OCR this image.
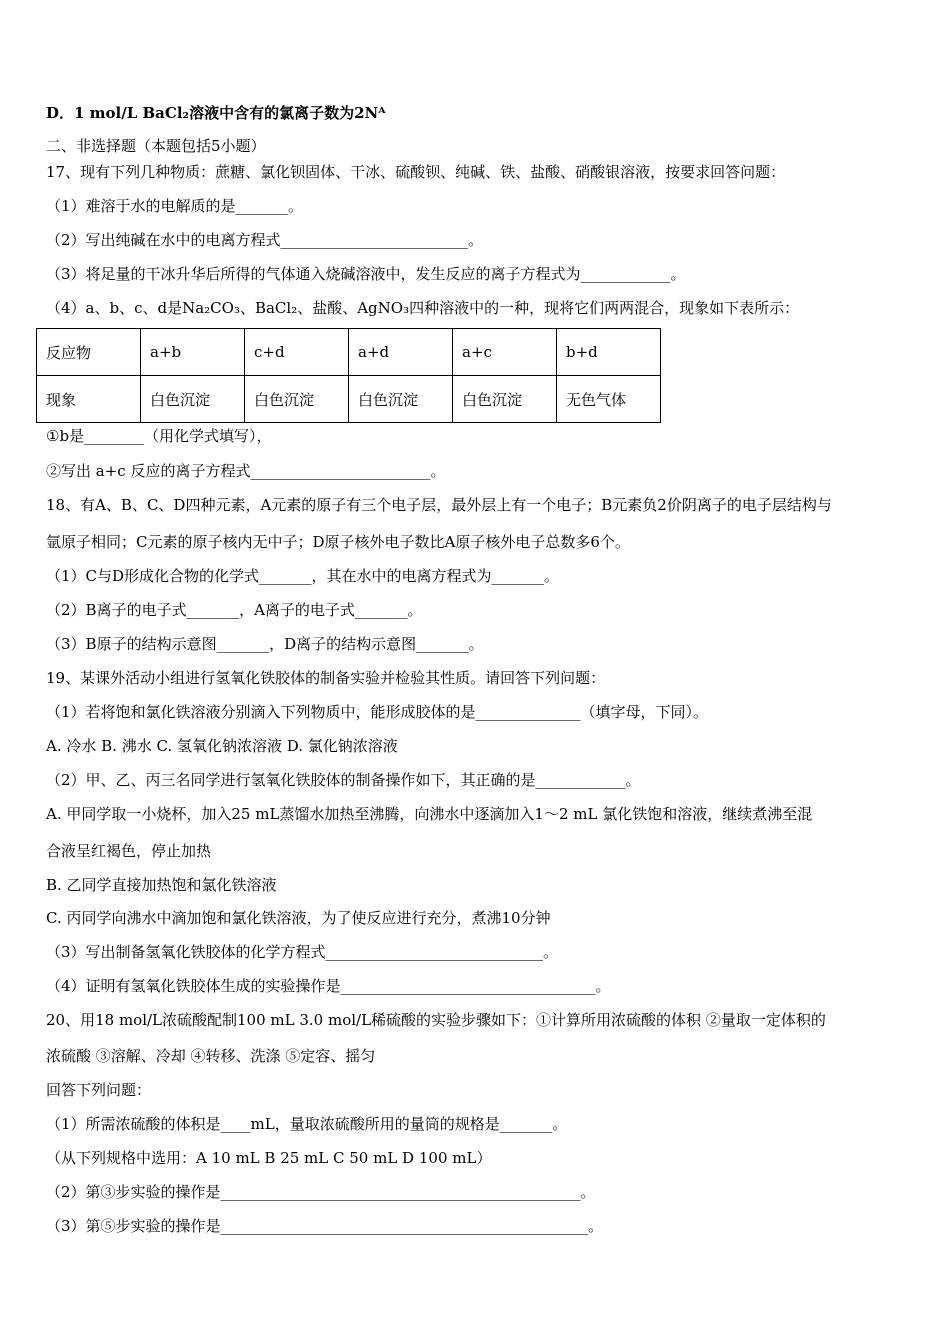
D．1 mol/L BaCl₂溶液中含有的氯离子数为2Nᴬ
二、非选择题（本题包括5小题）
17、现有下列几种物质：蔗糖、氯化钡固体、干冰、硫酸钡、纯碱、铁、盐酸、硝酸银溶液，按要求回答问题：
（1）难溶于水的电解质的是_______。
（2）写出纯碱在水中的电离方程式_________________________。
（3）将足量的干冰升华后所得的气体通入烧碱溶液中，发生反应的离子方程式为____________。
（4）a、b、c、d是Na₂CO₃、BaCl₂、盐酸、AgNO₃四种溶液中的一种，现将它们两两混合，现象如下表所示：
反应物	a+b	c+d	a+d	a+c	b+d
现象	白色沉淀	白色沉淀	白色沉淀	白色沉淀	无色气体
①b是________（用化学式填写），
②写出 a+c 反应的离子方程式________________________。
18、有A、B、C、D四种元素，A元素的原子有三个电子层，最外层上有一个电子；B元素负2价阴离子的电子层结构与
氩原子相同；C元素的原子核内无中子；D原子核外电子数比A原子核外电子总数多6个。
（1）C与D形成化合物的化学式_______，其在水中的电离方程式为_______。
（2）B离子的电子式_______，A离子的电子式_______。
（3）B原子的结构示意图_______，D离子的结构示意图_______。
19、某课外活动小组进行氢氧化铁胶体的制备实验并检验其性质。请回答下列问题：
（1）若将饱和氯化铁溶液分别滴入下列物质中，能形成胶体的是______________（填字母，下同）。
A. 冷水 B. 沸水 C. 氢氧化钠浓溶液 D. 氯化钠浓溶液
（2）甲、乙、丙三名同学进行氢氧化铁胶体的制备操作如下，其正确的是____________。
A. 甲同学取一小烧杯，加入25 mL蒸馏水加热至沸腾，向沸水中逐滴加入1～2 mL 氯化铁饱和溶液，继续煮沸至混
合液呈红褐色，停止加热
B. 乙同学直接加热饱和氯化铁溶液
C. 丙同学向沸水中滴加饱和氯化铁溶液，为了使反应进行充分，煮沸10分钟
（3）写出制备氢氧化铁胶体的化学方程式_____________________________。
（4）证明有氢氧化铁胶体生成的实验操作是__________________________________。
20、用18 mol/L浓硫酸配制100 mL 3.0 mol/L稀硫酸的实验步骤如下：①计算所用浓硫酸的体积 ②量取一定体积的
浓硫酸 ③溶解、冷却 ④转移、洗涤 ⑤定容、摇匀
回答下列问题：
（1）所需浓硫酸的体积是____mL，量取浓硫酸所用的量筒的规格是_______。
（从下列规格中选用：A 10 mL B 25 mL C 50 mL D 100 mL）
（2）第③步实验的操作是________________________________________________。
（3）第⑤步实验的操作是_________________________________________________。
